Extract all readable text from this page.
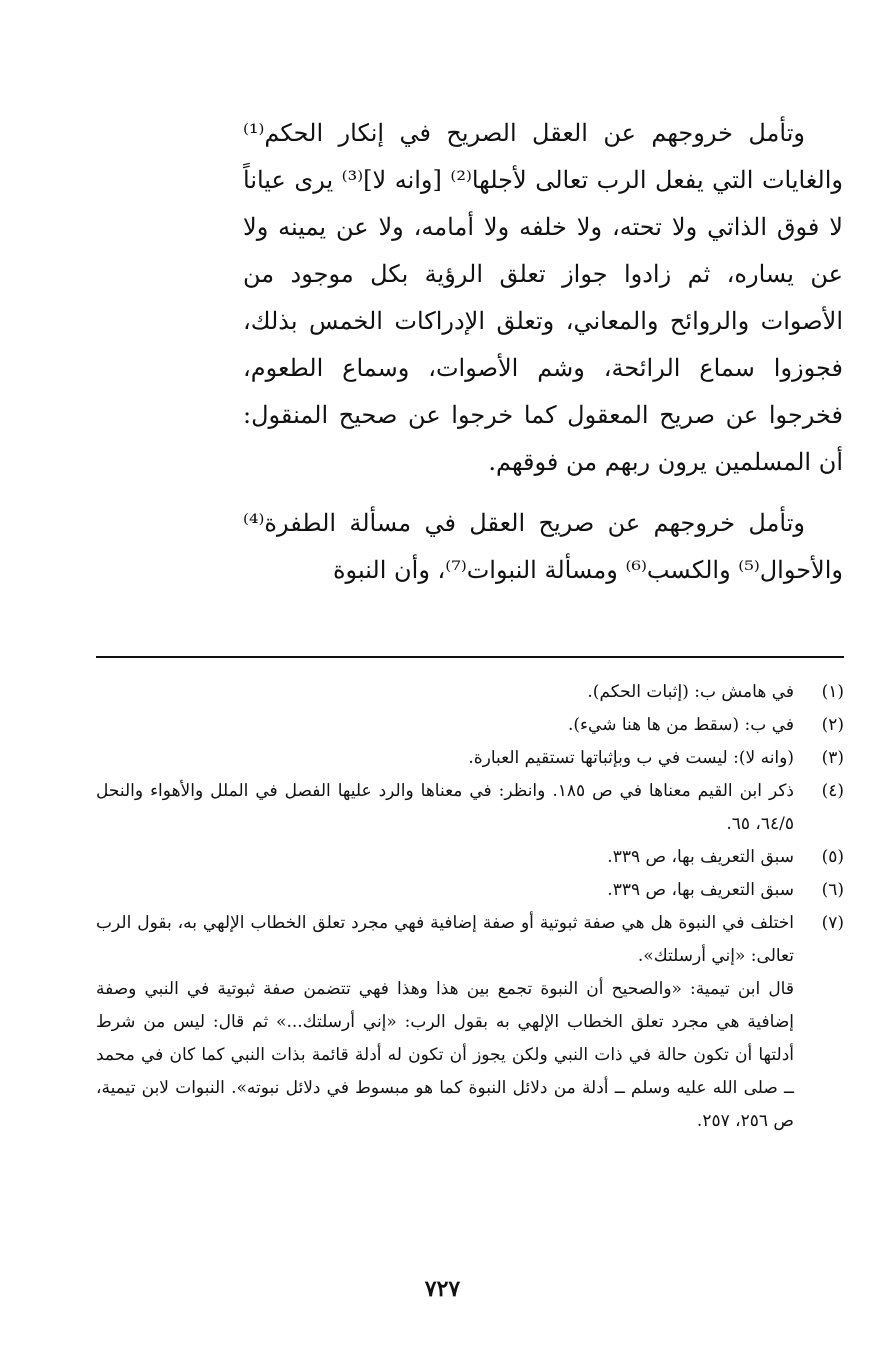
وتأمل خروجهم عن العقل الصريح في إنكار الحكم⁽¹⁾ والغايات التي يفعل الرب تعالى لأجلها⁽²⁾ [وانه لا]⁽³⁾ يرى عياناً لا فوق الذاتي ولا تحته، ولا خلفه ولا أمامه، ولا عن يمينه ولا عن يساره، ثم زادوا جواز تعلق الرؤية بكل موجود من الأصوات والروائح والمعاني، وتعلق الإدراكات الخمس بذلك، فجوزوا سماع الرائحة، وشم الأصوات، وسماع الطعوم، فخرجوا عن صريح المعقول كما خرجوا عن صحيح المنقول: أن المسلمين يرون ربهم من فوقهم.

وتأمل خروجهم عن صريح العقل في مسألة الطفرة⁽⁴⁾ والأحوال⁽⁵⁾ والكسب⁽⁶⁾ ومسألة النبوات⁽⁷⁾، وأن النبوة

(١)
في هامش ب: (إثبات الحكم).
(٢)
في ب: (سقط من ها هنا شيء).
(٣)
(وانه لا): ليست في ب وبإثباتها تستقيم العبارة.
(٤)
ذكر ابن القيم معناها في ص ١٨٥. وانظر: في معناها والرد عليها الفصل في الملل والأهواء والنحل ٦٤/٥، ٦٥.
(٥)
سبق التعريف بها، ص ٣٣٩.
(٦)
سبق التعريف بها، ص ٣٣٩.
(٧)
اختلف في النبوة هل هي صفة ثبوتية أو صفة إضافية فهي مجرد تعلق الخطاب الإلهي به، بقول الرب تعالى: «إني أرسلتك».
قال ابن تيمية: «والصحيح أن النبوة تجمع بين هذا وهذا فهي تتضمن صفة ثبوتية في النبي وصفة إضافية هي مجرد تعلق الخطاب الإلهي به بقول الرب: «إني أرسلتك...» ثم قال: ليس من شرط أدلتها أن تكون حالة في ذات النبي ولكن يجوز أن تكون له أدلة قائمة بذات النبي كما كان في محمد ــ صلى الله عليه وسلم ــ أدلة من دلائل النبوة كما هو مبسوط في دلائل نبوته». النبوات لابن تيمية، ص ٢٥٦، ٢٥٧.
٧٢٧
